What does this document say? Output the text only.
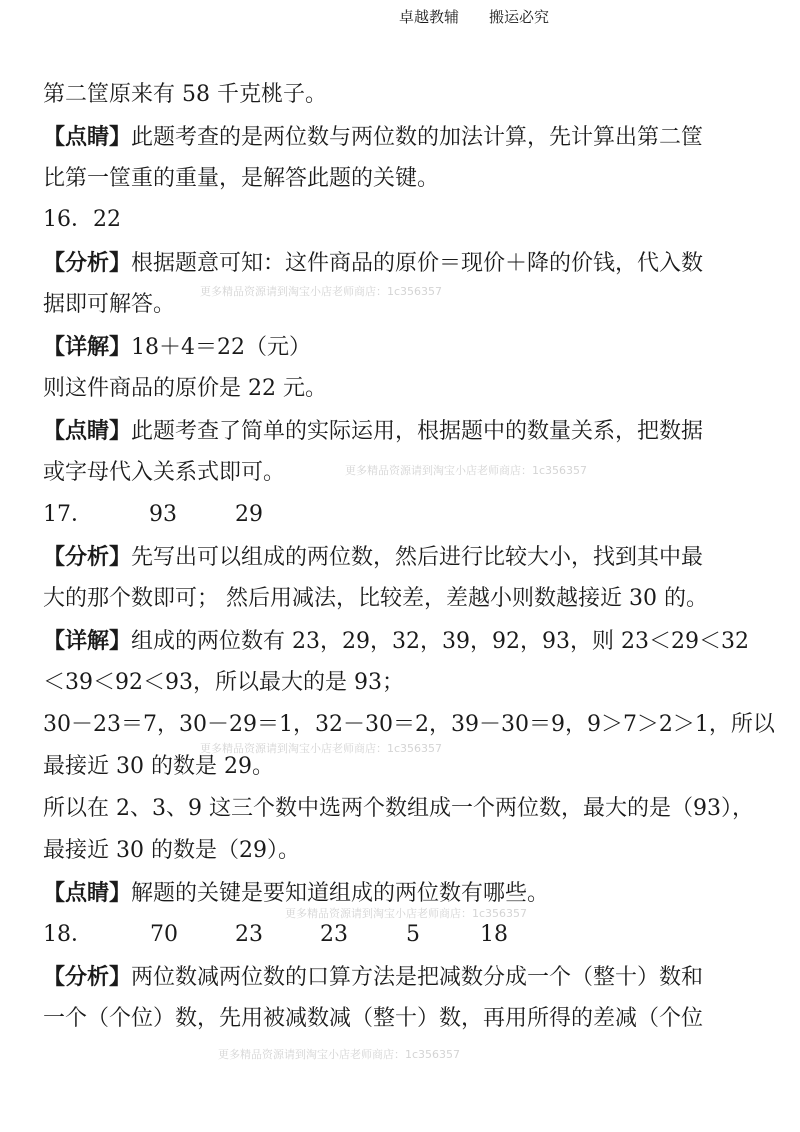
卓越教辅 搬运必究
更多精品资源请到淘宝小店老师商店：1c356357
更多精品资源请到淘宝小店老师商店：1c356357
更多精品资源请到淘宝小店老师商店：1c356357
更多精品资源请到淘宝小店老师商店：1c356357
更多精品资源请到淘宝小店老师商店：1c356357
第二筐原来有 58 千克桃子。
【点睛】此题考查的是两位数与两位数的加法计算，先计算出第二筐
比第一筐重的重量，是解答此题的关键。
16．22
【分析】根据题意可知：这件商品的原价＝现价＋降的价钱，代入数
据即可解答。
【详解】18＋4＝22（元）
则这件商品的原价是 22 元。
【点睛】此题考查了简单的实际运用，根据题中的数量关系，把数据
或字母代入关系式即可。
17．	93	29
【分析】先写出可以组成的两位数，然后进行比较大小，找到其中最
大的那个数即可； 然后用减法，比较差，差越小则数越接近 30 的。
【详解】组成的两位数有 23，29，32，39，92，93，则 23＜29＜32
＜39＜92＜93，所以最大的是 93；
30－23＝7，30－29＝1，32－30＝2，39－30＝9，9＞7＞2＞1，所以
最接近 30 的数是 29。
所以在 2、3、9 这三个数中选两个数组成一个两位数，最大的是（93），
最接近 30 的数是（29）。
【点睛】解题的关键是要知道组成的两位数有哪些。
18．	70	23	23	5	18
【分析】两位数减两位数的口算方法是把减数分成一个（整十）数和
一个（个位）数，先用被减数减（整十）数，再用所得的差减（个位
